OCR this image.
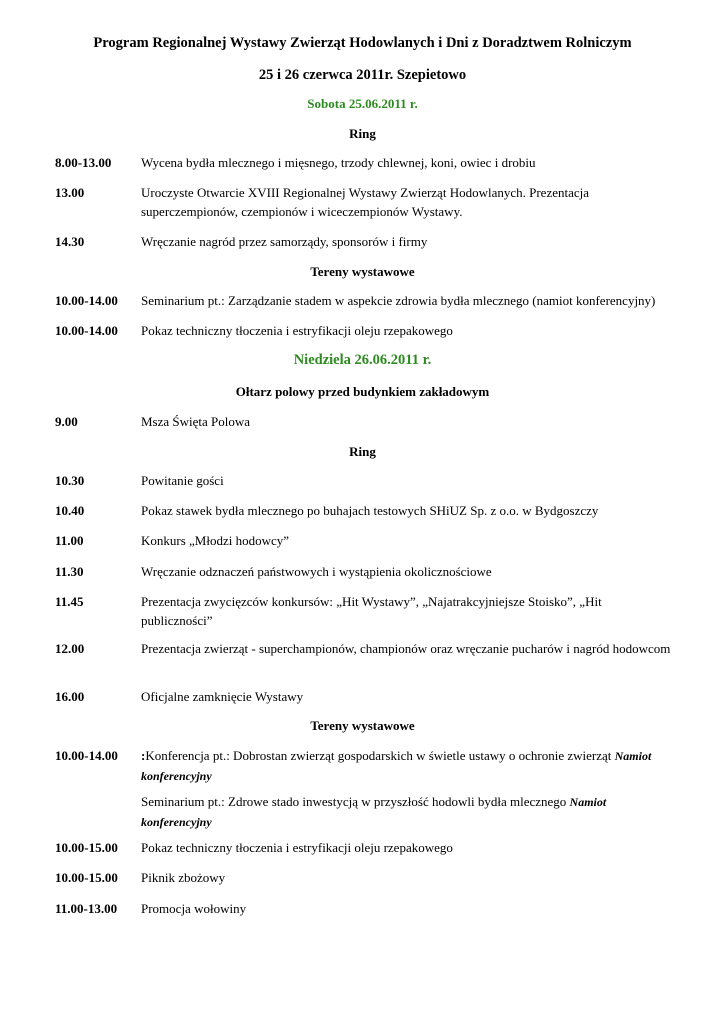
Program Regionalnej Wystawy Zwierząt Hodowlanych i Dni z Doradztwem Rolniczym
25 i 26 czerwca 2011r. Szepietowo
Sobota 25.06.2011 r.
Ring
8.00-13.00 Wycena bydła mlecznego i mięsnego, trzody chlewnej, koni, owiec i drobiu
13.00	Uroczyste Otwarcie XVIII Regionalnej Wystawy Zwierząt Hodowlanych. Prezentacja superczempionów, czempionów i wiceczempionów Wystawy.
14.30	Wręczanie nagród przez samorządy, sponsorów i firmy
Tereny wystawowe
10.00-14.00 Seminarium pt.: Zarządzanie stadem w aspekcie zdrowia bydła mlecznego (namiot konferencyjny)
10.00-14.00 Pokaz techniczny tłoczenia i estryfikacji oleju rzepakowego
Niedziela 26.06.2011 r.
Ołtarz polowy przed budynkiem zakładowym
9.00	Msza Święta Polowa
Ring
10.30	Powitanie gości
10.40	Pokaz stawek bydła mlecznego po buhajach testowych SHiUZ Sp. z o.o. w Bydgoszczy
11.00	Konkurs „Młodzi hodowcy”
11.30	Wręczanie odznaczeń państwowych i wystąpienia okolicznościowe
11.45	Prezentacja zwycięzców konkursów: „Hit Wystawy”, „Najatrakcyjniejsze Stoisko”, „Hit publiczności”
12.00	Prezentacja zwierząt - superchampionów, championów oraz wręczanie pucharów i nagród hodowcom
16.00	Oficjalne zamknięcie Wystawy
Tereny wystawowe
10.00-14.00 :Konferencja pt.: Dobrostan zwierząt gospodarskich w świetle ustawy o ochronie zwierząt Namiot konferencyjny
Seminarium pt.: Zdrowe stado inwestycją w przyszłość hodowli bydła mlecznego Namiot konferencyjny
10.00-15.00 Pokaz techniczny tłoczenia i estryfikacji oleju rzepakowego
10.00-15.00 Piknik zbożowy
11.00-13.00 Promocja wołowiny
